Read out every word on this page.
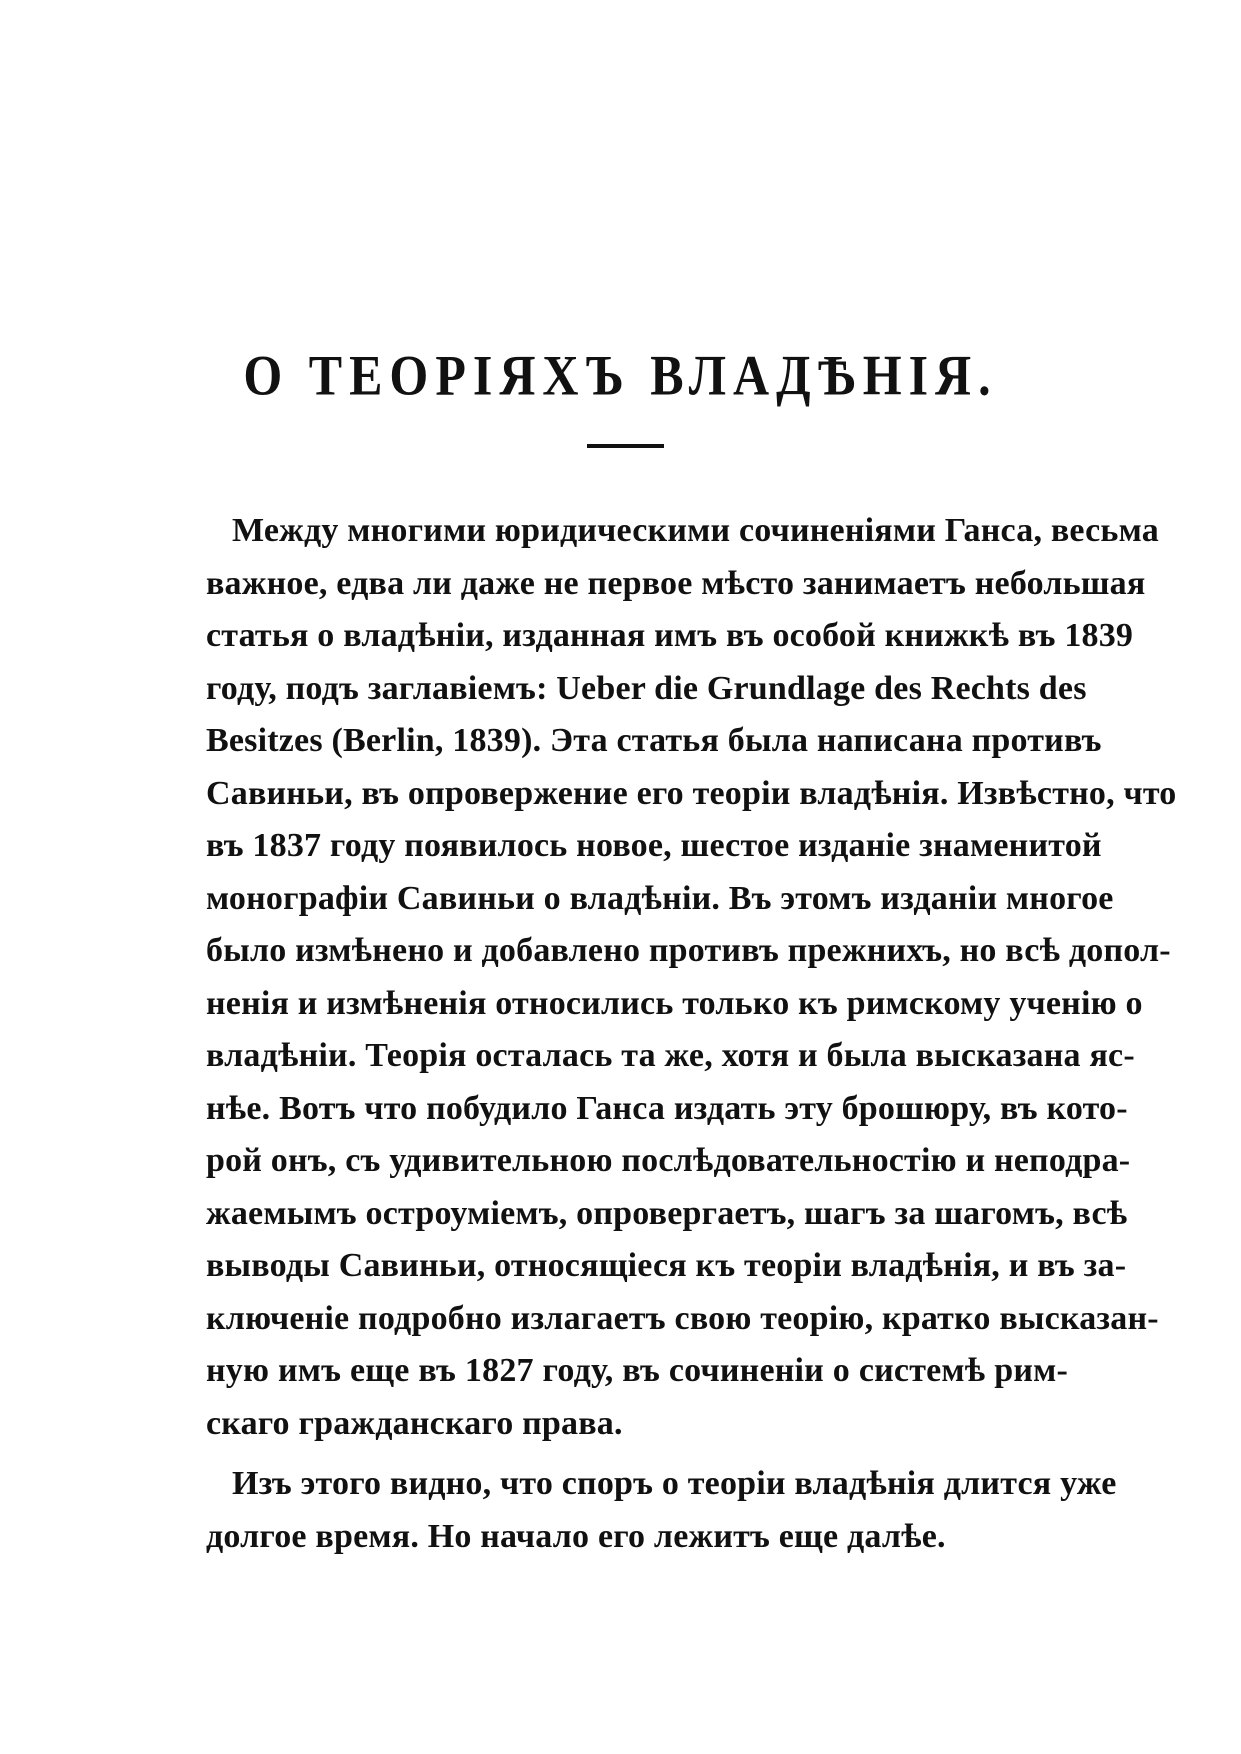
О ТЕОРІЯХЪ ВЛАДѢНІЯ.

Между многими юридическими сочиненіями Ганса, весьма
важное, едва ли даже не первое мѣсто занимаетъ небольшая
статья о владѣніи, изданная имъ въ особой книжкѣ въ 1839
году, подъ заглавіемъ: Ueber die Grundlage des Rechts des
Besitzes (Berlin, 1839). Эта статья была написана противъ
Савиньи, въ опровержение его теоріи владѣнія. Извѣстно, что
въ 1837 году появилось новое, шестое изданіе знаменитой
монографіи Савиньи о владѣніи. Въ этомъ изданіи многое
было измѣнено и добавлено противъ прежнихъ, но всѣ допол-
ненія и измѣненія относились только къ римскому ученію о
владѣніи. Теорія осталась та же, хотя и была высказана яс-
нѣе. Вотъ что побудило Ганса издать эту брошюру, въ кото-
рой онъ, съ удивительною послѣдовательностію и неподра-
жаемымъ остроуміемъ, опровергаетъ, шагъ за шагомъ, всѣ
выводы Савиньи, относящіеся къ теоріи владѣнія, и въ за-
ключеніе подробно излагаетъ свою теорію, кратко высказан-
ную имъ еще въ 1827 году, въ сочиненіи о системѣ рим-
скаго гражданскаго права.

Изъ этого видно, что споръ о теоріи владѣнія длится уже
долгое время. Но начало его лежитъ еще далѣе.
